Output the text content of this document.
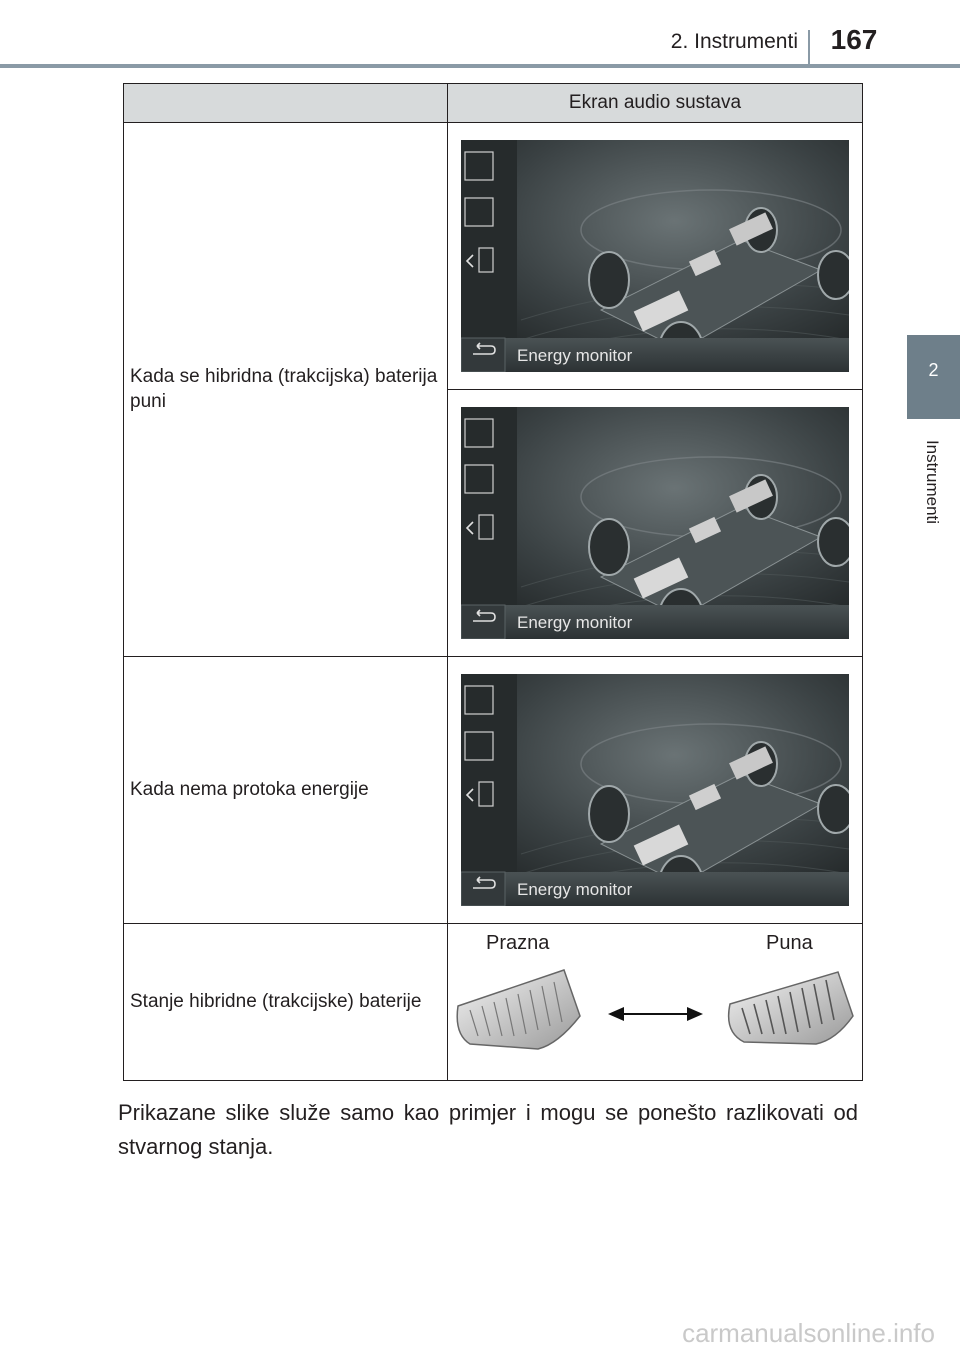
2. Instrumenti	167
2
Instrumenti
	Ekran audio sustava
Kada se hibridna (trakcijska) baterija puni	Energy monitor

Energy monitor

Kada nema protoka energije	Energy monitor

Stanje hibridne (trakcijske) baterije	Prazna Puna
Prikazane slike služe samo kao primjer i mogu se ponešto razlikovati od stvarnog stanja.
carmanualsonline.info
